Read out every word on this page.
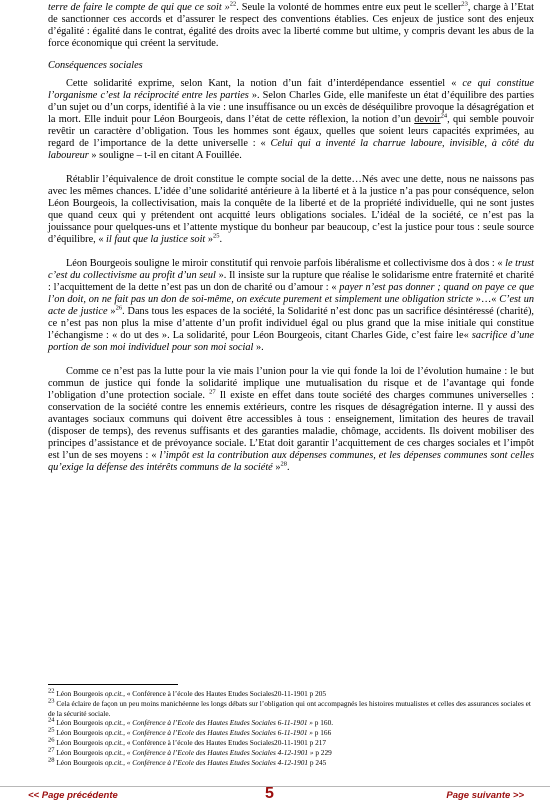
terre de faire le compte de qui que ce soit »$^{22}$. Seule la volonté de hommes entre eux peut le sceller$^{23}$, charge à l’Etat de sanctionner ces accords et d’assurer le respect des conventions établies. Ces enjeux de justice sont des enjeux d’égalité : égalité dans le contrat, égalité des droits avec la liberté comme but ultime, y compris devant les abus de la force économique qui créent la servitude.

Conséquences sociales

Cette solidarité exprime, selon Kant, la notion d’un fait d’interdépendance essentiel « ce qui constitue l’organisme c’est la réciprocité entre les parties ». Selon Charles Gide, elle manifeste un état d’équilibre des parties d’un sujet ou d’un corps, identifié à la vie : une insuffisance ou un excès de déséquilibre provoque la désagrégation et la mort. Elle induit pour Léon Bourgeois, dans l’état de cette réflexion, la notion d’un devoir$^{24}$, qui semble pouvoir revêtir un caractère d’obligation. Tous les hommes sont égaux, quelles que soient leurs capacités exprimées, au regard de l’importance de la dette universelle : « Celui qui a inventé la charrue laboure, invisible, à côté du laboureur » souligne – t-il en citant A Fouillée.

Rétablir l’équivalence de droit constitue le compte social de la dette…Nés avec une dette, nous ne naissons pas avec les mêmes chances. L’idée d’une solidarité antérieure à la liberté et à la justice n’a pas pour conséquence, selon Léon Bourgeois, la collectivisation, mais la conquête de la liberté et de la propriété individuelle, qui ne sont justes que quand ceux qui y prétendent ont acquitté leurs obligations sociales. L’idéal de la société, ce n’est pas la jouissance pour quelques-uns et l’attente mystique du bonheur par beaucoup, c’est la justice pour tous : seule source d’équilibre, « il faut que la justice soit »$^{25}$.

Léon Bourgeois souligne le miroir constitutif qui renvoie parfois libéralisme et collectivisme dos à dos : « le trust c’est du collectivisme au profit d’un seul ». Il insiste sur la rupture que réalise le solidarisme entre fraternité et charité : l’acquittement de la dette n’est pas un don de charité ou d’amour : « payer n’est pas donner ; quand on paye ce que l’on doit, on ne fait pas un don de soi-même, on exécute purement et simplement une obligation stricte »…« C’est un acte de justice »$^{26}$. Dans tous les espaces de la société, la Solidarité n’est donc pas un sacrifice désintéressé (charité), ce n’est pas non plus la mise d’attente d’un profit individuel égal ou plus grand que la mise initiale qui constitue l’échangisme : « do ut des ». La solidarité, pour Léon Bourgeois, citant Charles Gide, c’est faire le« sacrifice d’une portion de son moi individuel pour son moi social ».

Comme ce n’est pas la lutte pour la vie mais l’union pour la vie qui fonde la loi de l’évolution humaine : le but commun de justice qui fonde la solidarité implique une mutualisation du risque et de l’avantage qui fonde l’obligation d’une protection sociale. $^{27}$ Il existe en effet dans toute société des charges communes universelles : conservation de la société contre les ennemis extérieurs, contre les risques de désagrégation interne. Il y aussi des avantages sociaux communs qui doivent être accessibles à tous : enseignement, limitation des heures de travail (disposer de temps), des revenus suffisants et des garanties maladie, chômage, accidents. Ils doivent mobiliser des principes d’assistance et de prévoyance sociale. L’Etat doit garantir l’acquittement de ces charges sociales et l’impôt est l’un de ses moyens : « l’impôt est la contribution aux dépenses communes, et les dépenses communes sont celles qu’exige la défense des intérêts communs de la société »$^{28}$.

$^{22}$ Léon Bourgeois op.cit., « Conférence à l’école des Hautes Etudes Sociales20-11-1901 p 205
$^{23}$ Cela éclaire de façon un peu moins manichéenne les longs débats sur l’obligation qui ont accompagnés les histoires mutualistes et celles des assurances sociales et de la sécurité sociale.
$^{24}$ Léon Bourgeois op.cit., « Conférence à l’Ecole des Hautes Etudes Sociales 6-11-1901 » p 160.
$^{25}$ Léon Bourgeois op.cit., « Conférence à l’Ecole des Hautes Etudes Sociales 6-11-1901 » p 166
$^{26}$ Léon Bourgeois op.cit., « Conférence à l’école des Hautes Etudes Sociales20-11-1901 p 217
$^{27}$ Léon Bourgeois op.cit., « Conférence à l’Ecole des Hautes Etudes Sociales 4-12-1901 » p 229
$^{28}$ Léon Bourgeois op.cit., « Conférence à l’Ecole des Hautes Etudes Sociales 4-12-1901 p 245
<< Page précédente	5	Page suivante >>
